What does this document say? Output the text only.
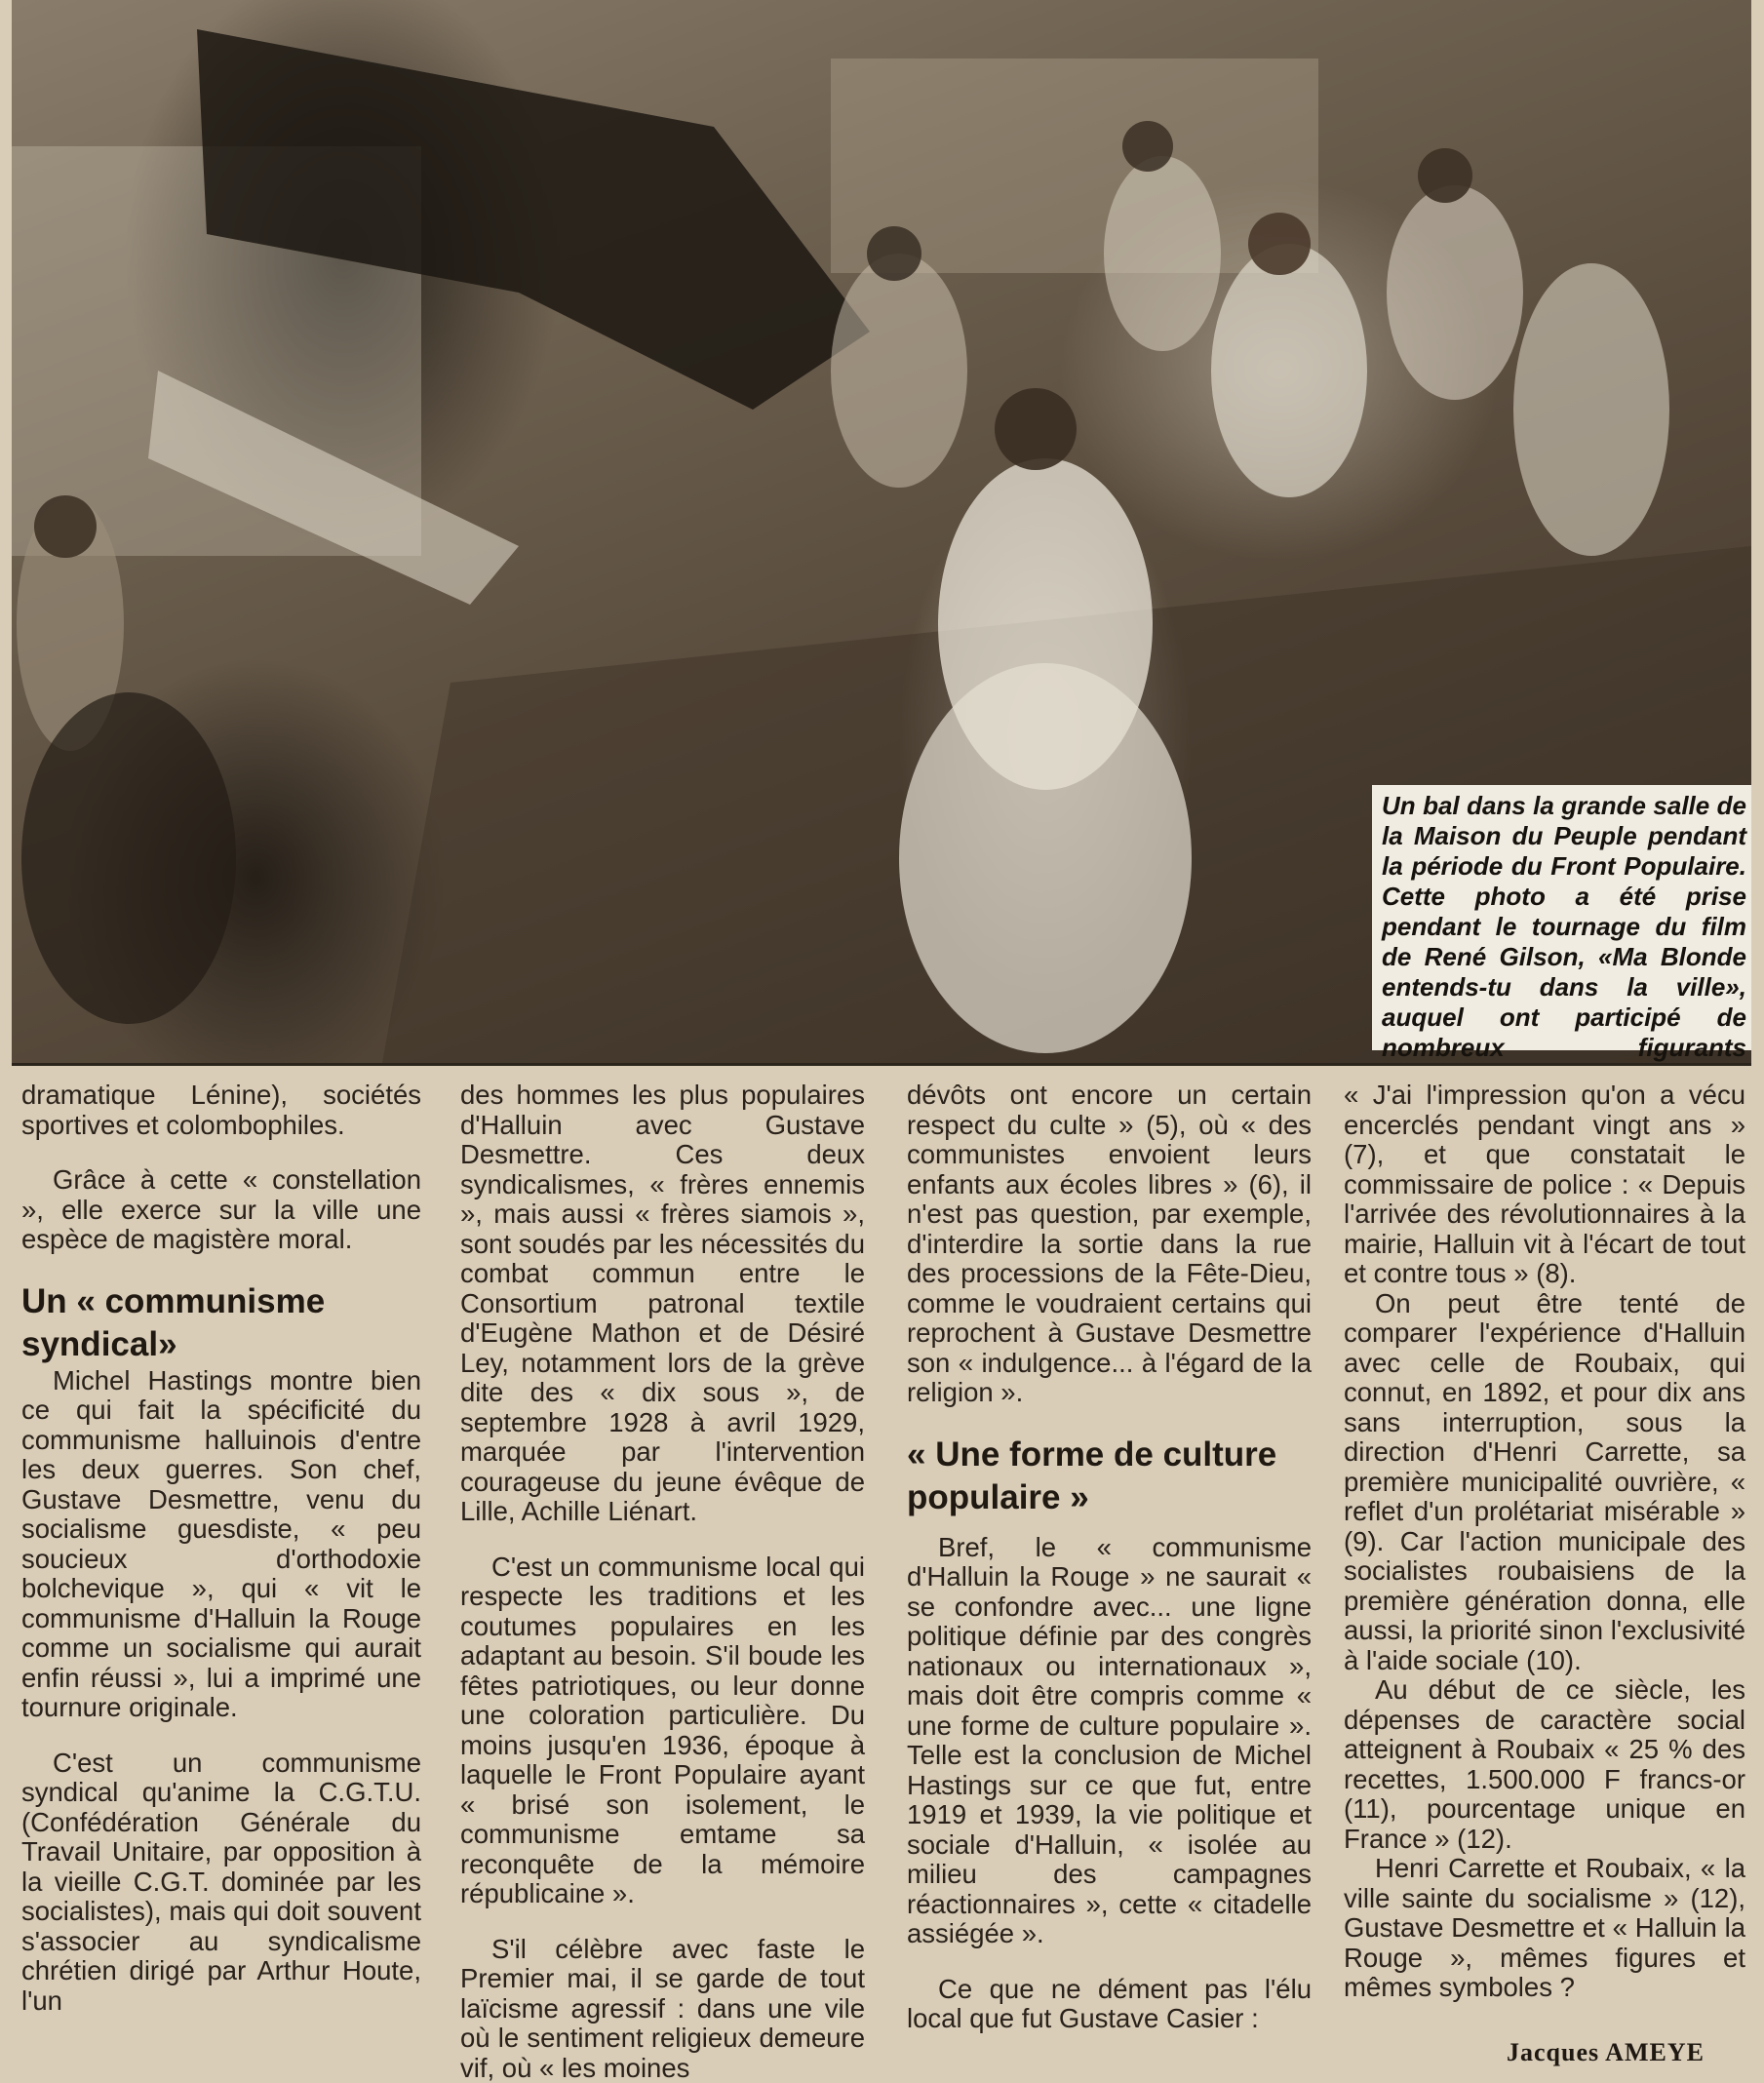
Un bal dans la grande salle de la Maison du Peuple pendant la période du Front Populaire. Cette photo a été prise pendant le tournage du film de René Gilson, «Ma Blonde entends-tu dans la ville», auquel ont participé de nombreux figurants

dramatique Lénine), sociétés sportives et colombophiles.

Grâce à cette « constellation », elle exerce sur la ville une espèce de magistère moral.

Un « communisme syndical»

Michel Hastings montre bien ce qui fait la spécificité du communisme halluinois d'entre les deux guerres. Son chef, Gustave Desmettre, venu du socialisme guesdiste, « peu soucieux d'orthodoxie bolchevique », qui « vit le communisme d'Halluin la Rouge comme un socialisme qui aurait enfin réussi », lui a imprimé une tournure originale.

C'est un communisme syndical qu'anime la C.G.T.U. (Confédération Générale du Travail Unitaire, par opposition à la vieille C.G.T. dominée par les socialistes), mais qui doit souvent s'associer au syndicalisme chrétien dirigé par Arthur Houte, l'un

des hommes les plus populaires d'Halluin avec Gustave Desmettre. Ces deux syndicalismes, « frères ennemis », mais aussi « frères siamois », sont soudés par les nécessités du combat commun entre le Consortium patronal textile d'Eugène Mathon et de Désiré Ley, notamment lors de la grève dite des « dix sous », de septembre 1928 à avril 1929, marquée par l'intervention courageuse du jeune évêque de Lille, Achille Liénart.

C'est un communisme local qui respecte les traditions et les coutumes populaires en les adaptant au besoin. S'il boude les fêtes patriotiques, ou leur donne une coloration particulière. Du moins jusqu'en 1936, époque à laquelle le Front Populaire ayant « brisé son isolement, le communisme emtame sa reconquête de la mémoire républicaine ».

S'il célèbre avec faste le Premier mai, il se garde de tout laïcisme agressif : dans une vile où le sentiment religieux demeure vif, où « les moines

dévôts ont encore un certain respect du culte » (5), où « des communistes envoient leurs enfants aux écoles libres » (6), il n'est pas question, par exemple, d'interdire la sortie dans la rue des processions de la Fête-Dieu, comme le voudraient certains qui reprochent à Gustave Desmettre son « indulgence... à l'égard de la religion ».

« Une forme de culture populaire »

Bref, le « communisme d'Halluin la Rouge » ne saurait « se confondre avec... une ligne politique définie par des congrès nationaux ou internationaux », mais doit être compris comme « une forme de culture populaire ». Telle est la conclusion de Michel Hastings sur ce que fut, entre 1919 et 1939, la vie politique et sociale d'Halluin, « isolée au milieu des campagnes réactionnaires », cette « citadelle assiégée ».

Ce que ne dément pas l'élu local que fut Gustave Casier :

« J'ai l'impression qu'on a vécu encerclés pendant vingt ans » (7), et que constatait le commissaire de police : « Depuis l'arrivée des révolutionnaires à la mairie, Halluin vit à l'écart de tout et contre tous » (8).

On peut être tenté de comparer l'expérience d'Halluin avec celle de Roubaix, qui connut, en 1892, et pour dix ans sans interruption, sous la direction d'Henri Carrette, sa première municipalité ouvrière, « reflet d'un prolétariat misérable » (9). Car l'action municipale des socialistes roubaisiens de la première génération donna, elle aussi, la priorité sinon l'exclusivité à l'aide sociale (10).

Au début de ce siècle, les dépenses de caractère social atteignent à Roubaix « 25 % des recettes, 1.500.000 F francs-or (11), pourcentage unique en France » (12).

Henri Carrette et Roubaix, « la ville sainte du socialisme » (12), Gustave Desmettre et « Halluin la Rouge », mêmes figures et mêmes symboles ?

Jacques AMEYE
